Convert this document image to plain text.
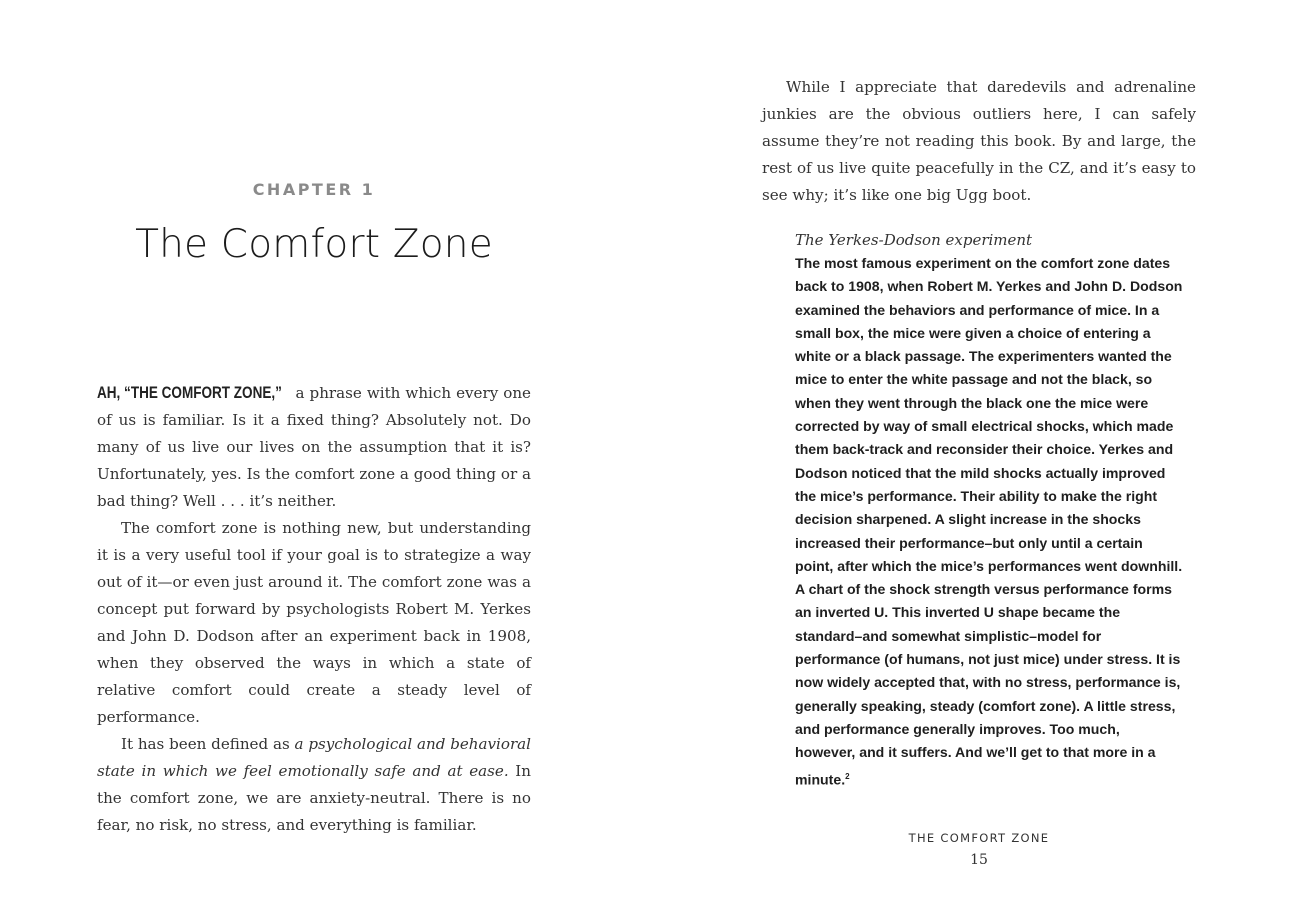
CHAPTER 1
The Comfort Zone

AH, “THE COMFORT ZONE,” a phrase with which every one of us is familiar. Is it a fixed thing? Absolutely not. Do many of us live our lives on the assumption that it is? Unfortunately, yes. Is the comfort zone a good thing or a bad thing? Well . . . it’s neither.

The comfort zone is nothing new, but understanding it is a very useful tool if your goal is to strategize a way out of it—or even just around it. The comfort zone was a concept put forward by psychologists Robert M. Yerkes and John D. Dodson after an experiment back in 1908, when they observed the ways in which a state of relative comfort could create a steady level of performance.

It has been defined as a psychological and behavioral state in which we feel emotionally safe and at ease. In the comfort zone, we are anxiety-neutral. There is no fear, no risk, no stress, and everything is familiar.

While I appreciate that daredevils and adrenaline junkies are the obvious outliers here, I can safely assume they’re not reading this book. By and large, the rest of us live quite peacefully in the CZ, and it’s easy to see why; it’s like one big Ugg boot.

The Yerkes-Dodson experiment
The most famous experiment on the comfort zone dates back to 1908, when Robert M. Yerkes and John D. Dodson examined the behaviors and performance of mice. In a small box, the mice were given a choice of entering a white or a black passage. The experimenters wanted the mice to enter the white passage and not the black, so when they went through the black one the mice were corrected by way of small electrical shocks, which made them back-track and reconsider their choice. Yerkes and Dodson noticed that the mild shocks actually improved the mice’s performance. Their ability to make the right decision sharpened. A slight increase in the shocks increased their performance–but only until a certain point, after which the mice’s performances went downhill. A chart of the shock strength versus performance forms an inverted U. This inverted U shape became the standard–and somewhat simplistic–model for performance (of humans, not just mice) under stress. It is now widely accepted that, with no stress, performance is, generally speaking, steady (comfort zone). A little stress, and performance generally improves. Too much, however, and it suffers. And we’ll get to that more in a minute.$^2$
THE COMFORT ZONE
15
